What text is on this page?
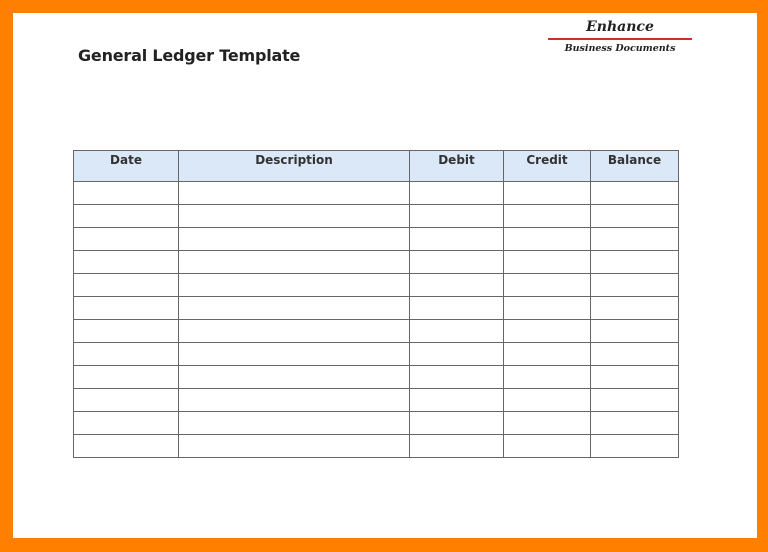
Enhance
Business Documents
General Ledger Template
Date	Description	Debit	Credit	Balance
